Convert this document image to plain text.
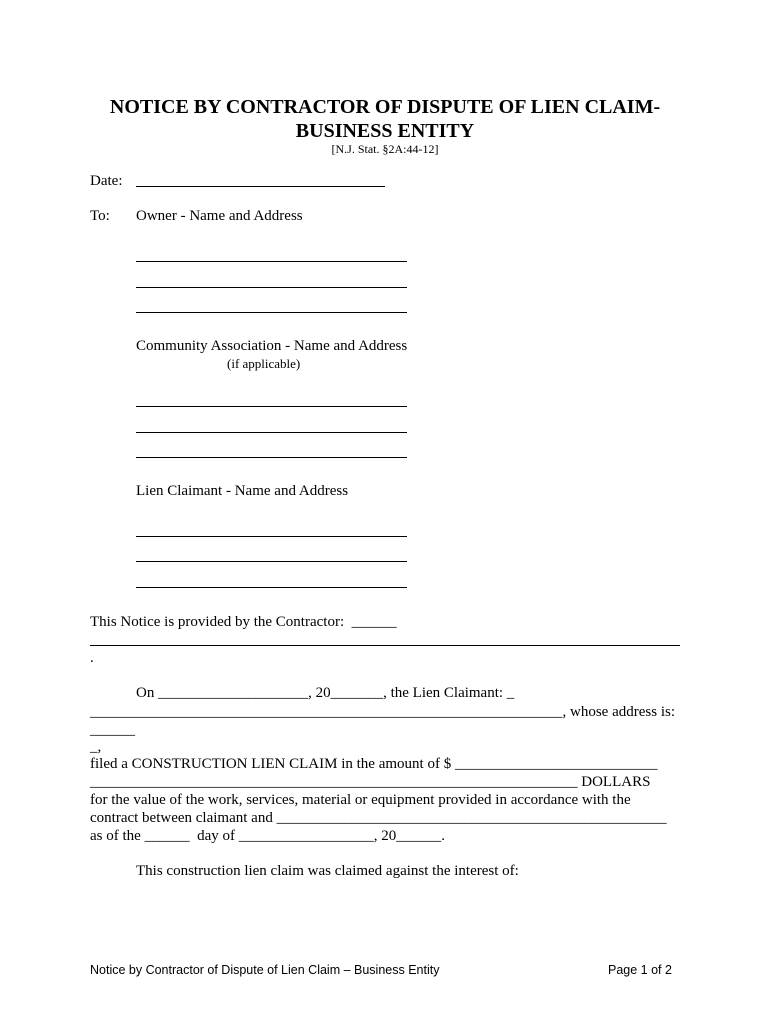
NOTICE BY CONTRACTOR OF DISPUTE OF LIEN CLAIM-
BUSINESS ENTITY
[N.J. Stat. §2A:44-12]
Date:
To: Owner - Name and Address
Community Association - Name and Address
(if applicable)
Lien Claimant - Name and Address
This Notice is provided by the Contractor:  ______
.
On ____________________, 20_______, the Lien Claimant: _
_______________________________________________________________, whose address is:
______
_,
filed a CONSTRUCTION LIEN CLAIM in the amount of $ ___________________________
_________________________________________________________________ DOLLARS
for the value of the work, services, material or equipment provided in accordance with the
contract between claimant and ____________________________________________________
as of the ______  day of __________________, 20______.
This construction lien claim was claimed against the interest of:
Notice by Contractor of Dispute of Lien Claim – Business Entity	Page 1 of 2
